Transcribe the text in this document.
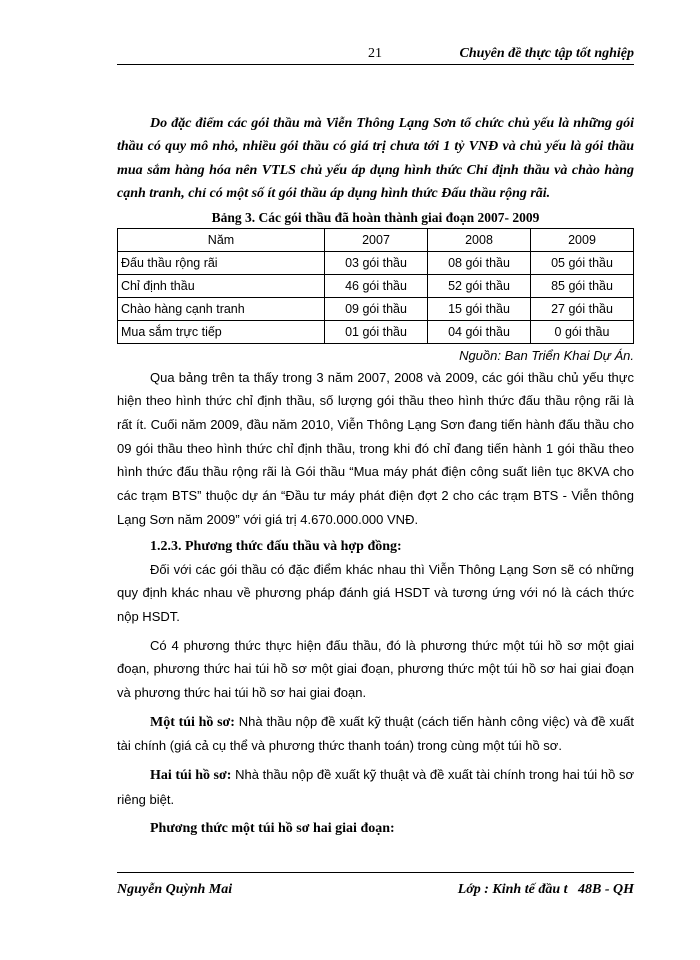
21	Chuyên đề thực tập tốt nghiệp

Do đặc điểm các gói thầu mà Viễn Thông Lạng Sơn tổ chức chủ yếu là những gói thầu có quy mô nhỏ, nhiều gói thầu có giá trị chưa tới 1 tỷ VNĐ và chủ yếu là gói thầu mua sắm hàng hóa nên VTLS chủ yếu áp dụng hình thức Chỉ định thầu và chào hàng cạnh tranh, chỉ có một số ít gói thầu áp dụng hình thức Đấu thầu rộng rãi.

Bảng 3. Các gói thầu đã hoàn thành giai đoạn 2007- 2009
Năm	2007	2008	2009
Đấu thầu rộng rãi	03 gói thầu	08 gói thầu	05 gói thầu
Chỉ định thầu	46 gói thầu	52 gói thầu	85 gói thầu
Chào hàng cạnh tranh	09 gói thầu	15 gói thầu	27 gói thầu
Mua sắm trực tiếp	01 gói thầu	04 gói thầu	0 gói thầu
Nguồn: Ban Triển Khai Dự Án.

Qua bảng trên ta thấy trong 3 năm 2007, 2008 và 2009, các gói thầu chủ yếu thực hiện theo hình thức chỉ định thầu, số lượng gói thầu theo hình thức đấu thầu rộng rãi là rất ít. Cuối năm 2009, đầu năm 2010, Viễn Thông Lạng Sơn đang tiến hành đấu thầu cho 09 gói thầu theo hình thức chỉ định thầu, trong khi đó chỉ đang tiến hành 1 gói thầu theo hình thức đấu thầu rộng rãi là Gói thầu “Mua máy phát điện công suất liên tục 8KVA cho các trạm BTS” thuộc dự án “Đầu tư máy phát điện đợt 2 cho các trạm BTS - Viễn thông Lạng Sơn năm 2009” với giá trị 4.670.000.000 VNĐ.

1.2.3. Phương thức đấu thầu và hợp đồng:

Đối với các gói thầu có đặc điểm khác nhau thì Viễn Thông Lạng Sơn sẽ có những quy định khác nhau về phương pháp đánh giá HSDT và tương ứng với nó là cách thức nộp HSDT.

Có 4 phương thức thực hiện đấu thầu, đó là phương thức một túi hồ sơ một giai đoạn, phương thức hai túi hồ sơ một giai đoạn, phương thức một túi hồ sơ hai giai đoạn và phương thức hai túi hồ sơ hai giai đoạn.

Một túi hồ sơ: Nhà thầu nộp đề xuất kỹ thuật (cách tiến hành công việc) và đề xuất tài chính (giá cả cụ thể và phương thức thanh toán) trong cùng một túi hồ sơ.

Hai túi hồ sơ: Nhà thầu nộp đề xuất kỹ thuật và đề xuất tài chính trong hai túi hồ sơ riêng biệt.

Phương thức một túi hồ sơ hai giai đoạn:

Nguyễn Quỳnh Mai	Lớp : Kinh tế đầu t   48B - QH
